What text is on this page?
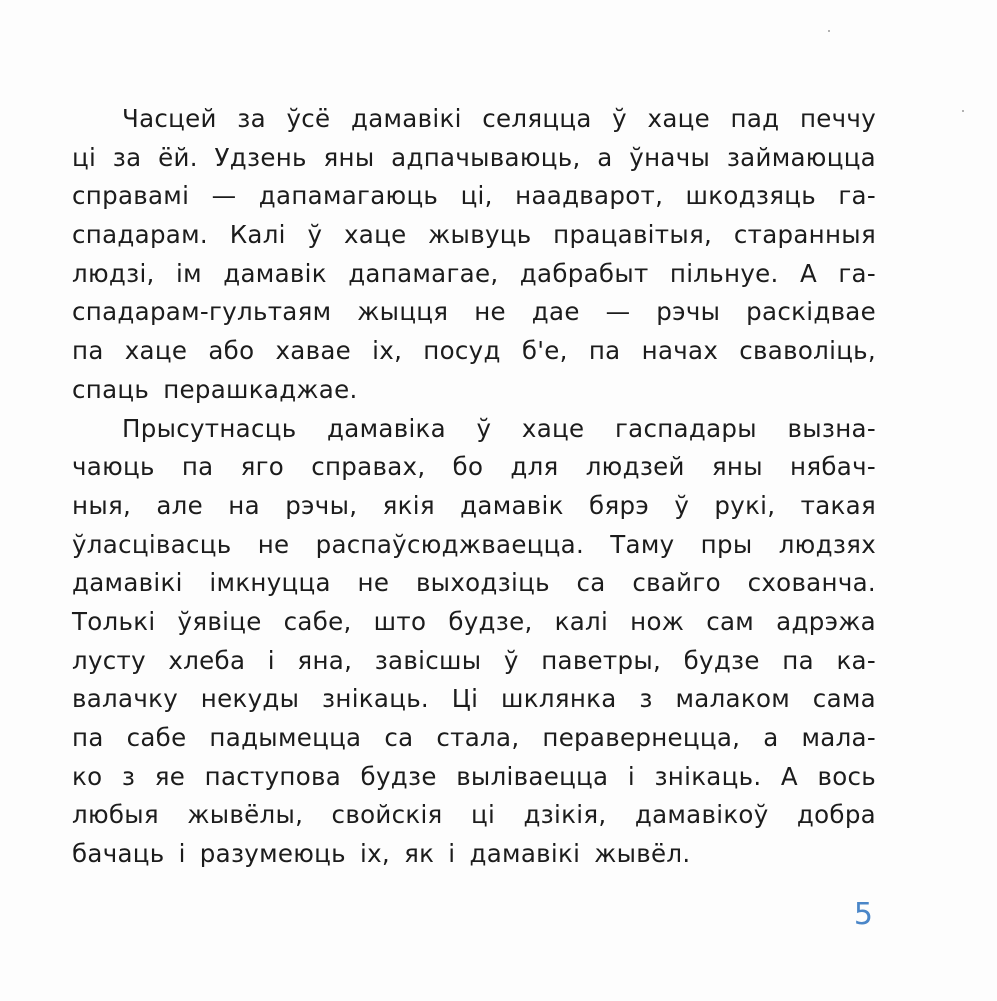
Часцей за ўсё дамавікі селяцца ў хаце пад печчу
ці за ёй. Удзень яны адпачываюць, а ўначы займаюцца
справамі — дапамагаюць ці, наадварот, шкодзяць га-
спадарам. Калі ў хаце жывуць працавітыя, старанныя
людзі, ім дамавік дапамагае, дабрабыт пільнуе. А га-
спадарам-гультаям жыцця не дае — рэчы раскідвае
па хаце або хавае іх, посуд б'е, па начах сваволіць,
спаць перашкаджае.
Прысутнасць дамавіка ў хаце гаспадары вызна-
чаюць па яго справах, бо для людзей яны нябач-
ныя, але на рэчы, якія дамавік бярэ ў рукі, такая
ўласцівасць не распаўсюджваецца. Таму пры людзях
дамавікі імкнуцца не выходзіць са свайго схованчa.
Толькі ўявіце сабе, што будзе, калі нож сам адрэжа
лусту хлеба і яна, завісшы ў паветры, будзе па ка-
валачку некуды знікаць. Ці шклянка з малаком сама
па сабе падымецца са стала, перавернецца, а мала-
ко з яе паступова будзе выліваецца і знікаць. А вось
любыя жывёлы, свойскія ці дзікія, дамавікоў добра
бачаць і разумеюць іх, як і дамавікі жывёл.
5
